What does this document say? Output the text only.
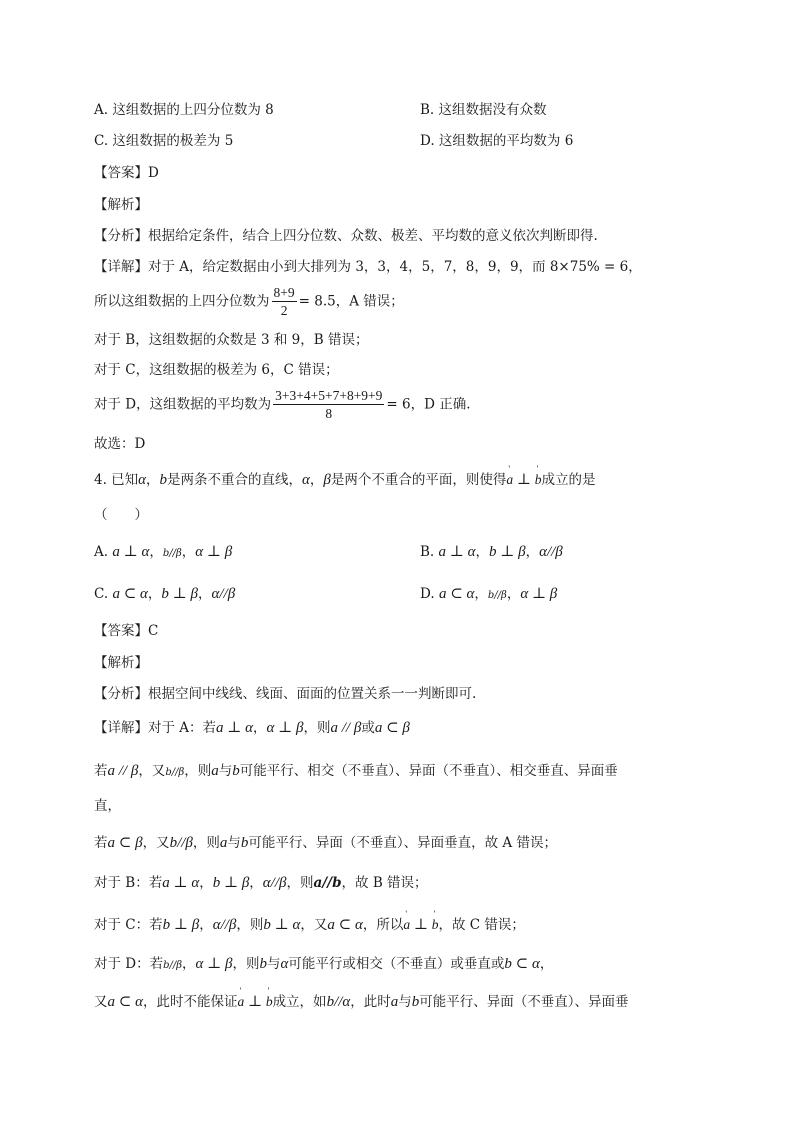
A. 这组数据的上四分位数为 8	B. 这组数据没有众数
C. 这组数据的极差为 5	D. 这组数据的平均数为 6
【答案】D
【解析】
【分析】根据给定条件，结合上四分位数、众数、极差、平均数的意义依次判断即得.
【详解】对于 A，给定数据由小到大排列为 3，3，4，5，7，8，9，9，而 8×75% = 6，
所以这组数据的上四分位数为 $\frac{8+9}{2} = 8.5$，A 错误；
对于 B，这组数据的众数是 3 和 9，B 错误；
对于 C，这组数据的极差为 6，C 错误；
对于 D，这组数据的平均数为 $\frac{3+3+4+5+7+8+9+9}{8} = 6$，D 正确.
故选：D
4. 已知α，b是两条不重合的直线，α，β是两个不重合的平面，则使得' a ⊥ ' b成立的是
（　　）
A. a ⊥ α，b//β，α ⊥ β	B. a ⊥ α，b ⊥ β，α//β
C. a ⊂ α，b ⊥ β，α//β	D. a ⊂ α，b//β，α ⊥ β
【答案】C
【解析】
【分析】根据空间中线线、线面、面面的位置关系一一判断即可.
【详解】对于 A：若a ⊥ α，α ⊥ β，则a // β或a ⊂ β
若a // β，又b//β，则a与b可能平行、相交（不垂直）、异面（不垂直）、相交垂直、异面垂
直，
若a ⊂ β，又b//β，则a与b可能平行、异面（不垂直）、异面垂直，故 A 错误；
对于 B：若a ⊥ α，b ⊥ β，α//β，则a//b，故 B 错误；
对于 C：若b ⊥ β，α//β，则b ⊥ α，又a ⊂ α，所以' a ⊥ ' b，故 C 错误；
对于 D：若b//β，α ⊥ β，则b与α可能平行或相交（不垂直）或垂直或b ⊂ α，
又a ⊂ α，此时不能保证' a ⊥ ' b成立，如b//α，此时a与b可能平行、异面（不垂直）、异面垂
